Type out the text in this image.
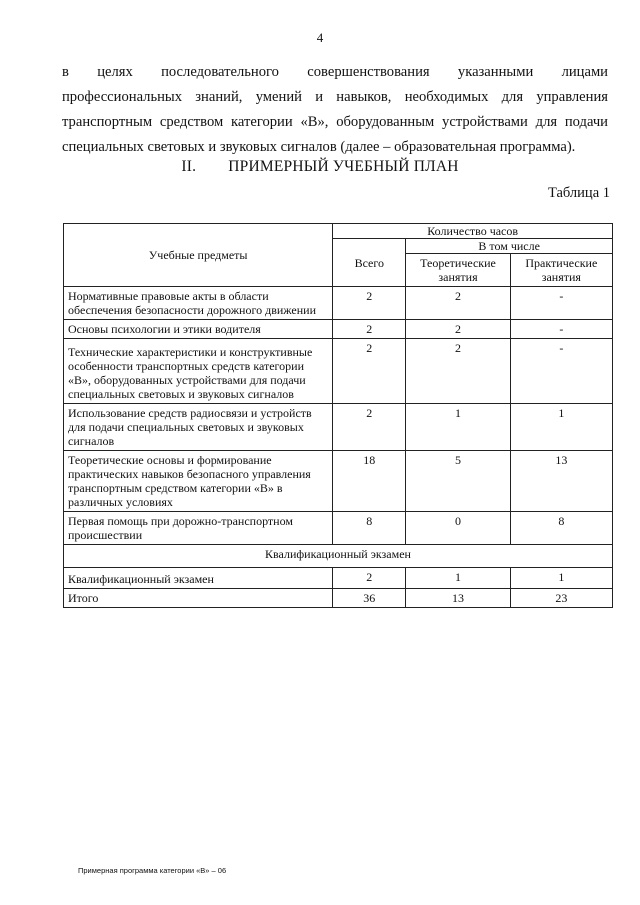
4

в целях последовательного совершенствования указанными лицами

профессиональных знаний, умений и навыков, необходимых для управления транспортным средством категории «В», оборудованным устройствами для подачи специальных световых и звуковых сигналов (далее – образовательная программа).

II. ПРИМЕРНЫЙ УЧЕБНЫЙ ПЛАН
Таблица 1
Учебные предметы	Количество часов		
	Всего	В том числе	
		Теоретические занятия	Практические занятия
Нормативные правовые акты в области обеспечения безопасности дорожного движении	2	2	-
Основы психологии и этики водителя	2	2	-
Технические характеристики и конструктивные особенности транспортных средств категории «В», оборудованных устройствами для подачи специальных световых и звуковых сигналов	2	2	-
Использование средств радиосвязи и устройств для подачи специальных световых и звуковых сигналов	2	1	1
Теоретические основы и формирование практических навыков безопасного управления транспортным средством категории «В» в различных условиях	18	5	13
Первая помощь при дорожно-транспортном происшествии	8	0	8
Квалификационный экзамен			
Квалификационный экзамен	2	1	1
Итого	36	13	23
Примерная программа категории «В» – 06
